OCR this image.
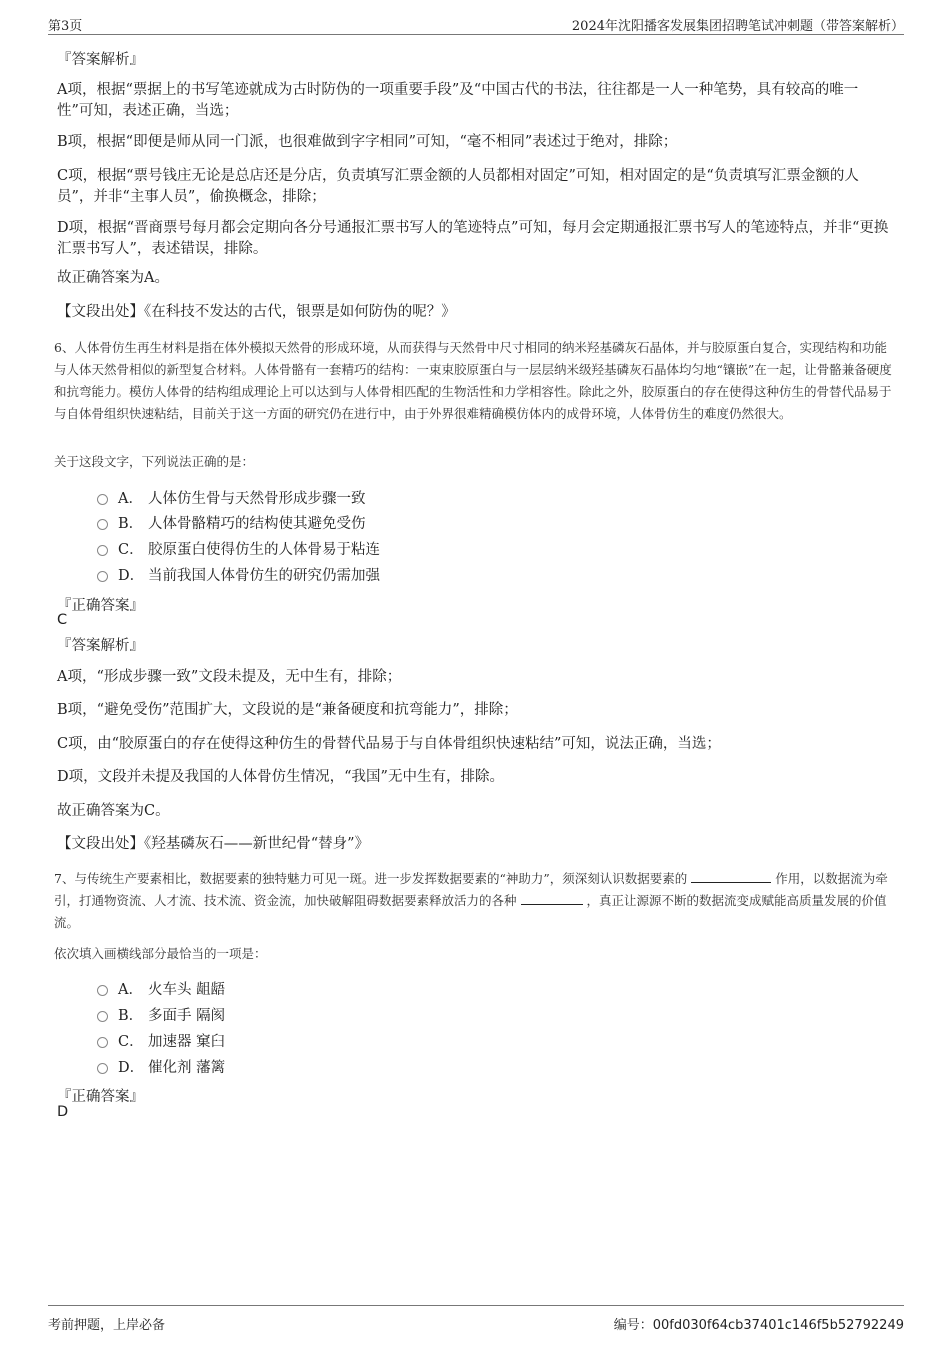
第3页	2024年沈阳播客发展集团招聘笔试冲刺题（带答案解析）
『答案解析』
A项，根据“票据上的书写笔迹就成为古时防伪的一项重要手段”及“中国古代的书法，往往都是一人一种笔势，具有较高的唯一性”可知，表述正确，当选；
B项，根据“即便是师从同一门派，也很难做到字字相同”可知，“毫不相同”表述过于绝对，排除；
C项，根据“票号钱庄无论是总店还是分店，负责填写汇票金额的人员都相对固定”可知，相对固定的是“负责填写汇票金额的人员”，并非“主事人员”，偷换概念，排除；
D项，根据“晋商票号每月都会定期向各分号通报汇票书写人的笔迹特点”可知，每月会定期通报汇票书写人的笔迹特点，并非“更换汇票书写人”，表述错误，排除。
故正确答案为A。
【文段出处】《在科技不发达的古代，银票是如何防伪的呢？》
6、人体骨仿生再生材料是指在体外模拟天然骨的形成环境，从而获得与天然骨中尺寸相同的纳米羟基磷灰石晶体，并与胶原蛋白复合，实现结构和功能与人体天然骨相似的新型复合材料。人体骨骼有一套精巧的结构：一束束胶原蛋白与一层层纳米级羟基磷灰石晶体均匀地“镶嵌”在一起，让骨骼兼备硬度和抗弯能力。模仿人体骨的结构组成理论上可以达到与人体骨相匹配的生物活性和力学相容性。除此之外，胶原蛋白的存在使得这种仿生的骨替代品易于与自体骨组织快速粘结，目前关于这一方面的研究仍在进行中，由于外界很难精确模仿体内的成骨环境，人体骨仿生的难度仍然很大。
关于这段文字，下列说法正确的是：
A． 人体仿生骨与天然骨形成步骤一致
B． 人体骨骼精巧的结构使其避免受伤
C． 胶原蛋白使得仿生的人体骨易于粘连
D． 当前我国人体骨仿生的研究仍需加强
『正确答案』
C
『答案解析』
A项，“形成步骤一致”文段未提及，无中生有，排除；
B项，“避免受伤”范围扩大，文段说的是“兼备硬度和抗弯能力”，排除；
C项，由“胶原蛋白的存在使得这种仿生的骨替代品易于与自体骨组织快速粘结”可知，说法正确，当选；
D项，文段并未提及我国的人体骨仿生情况，“我国”无中生有，排除。
故正确答案为C。
【文段出处】《羟基磷灰石——新世纪骨“替身”》
7、与传统生产要素相比，数据要素的独特魅力可见一斑。进一步发挥数据要素的“神助力”，须深刻认识数据要素的	作用，以数据流为牵引，打通物资流、人才流、技术流、资金流，加快破解阻碍数据要素释放活力的各种	，真正让源源不断的数据流变成赋能高质量发展的价值流。
依次填入画横线部分最恰当的一项是：
A． 火车头 龃龉
B． 多面手 隔阂
C． 加速器 窠臼
D． 催化剂 藩篱
『正确答案』
D
考前押题，上岸必备	编号：00fd030f64cb37401c146f5b52792249
